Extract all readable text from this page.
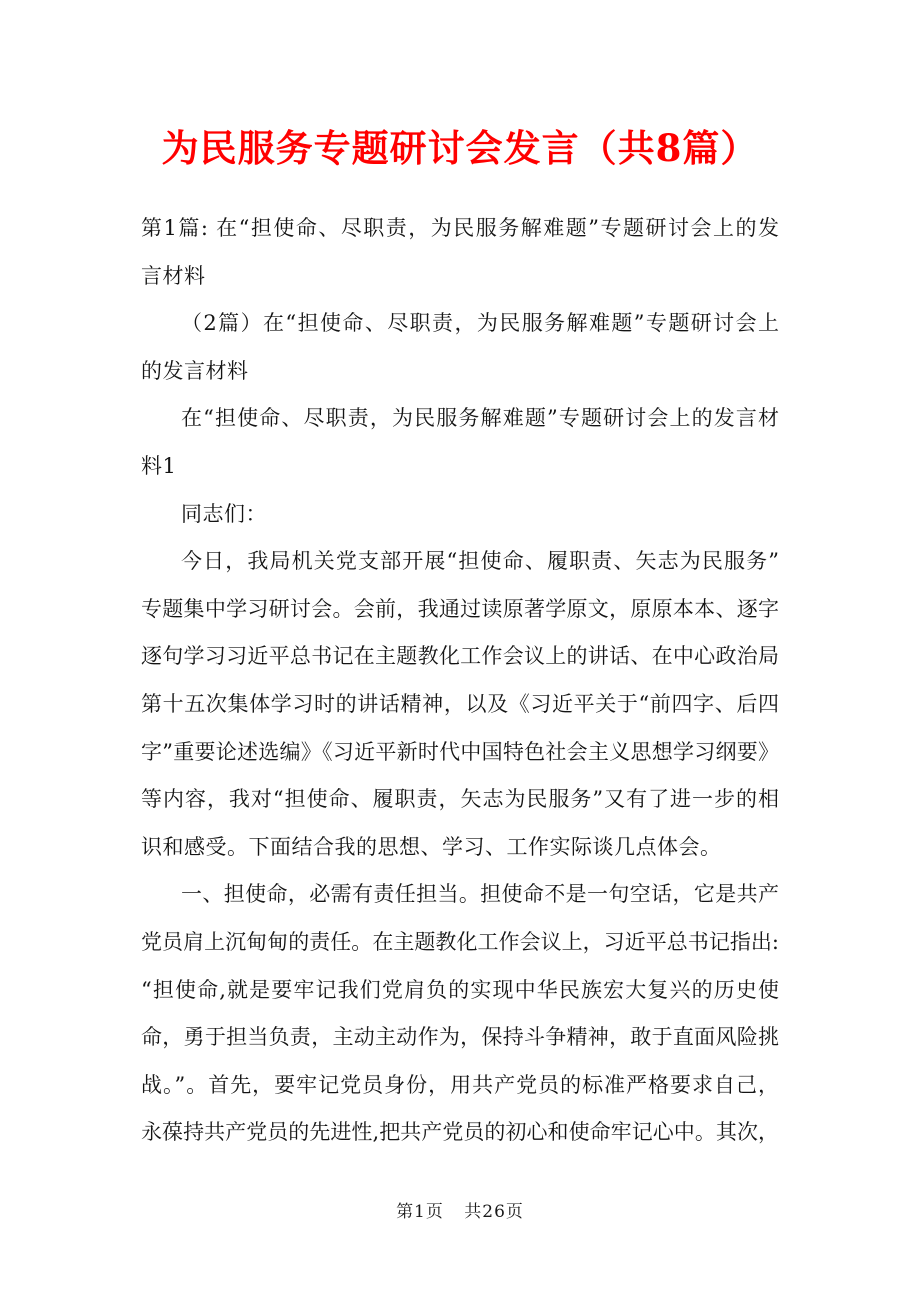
为民服务专题研讨会发言（共8篇）
第1篇: 在“担使命、尽职责，为民服务解难题”专题研讨会上的发
言材料
（2篇）在“担使命、尽职责，为民服务解难题”专题研讨会上
的发言材料
在“担使命、尽职责，为民服务解难题”专题研讨会上的发言材
料1
同志们：
今日，我局机关党支部开展“担使命、履职责、矢志为民服务”
专题集中学习研讨会。会前，我通过读原著学原文，原原本本、逐字
逐句学习习近平总书记在主题教化工作会议上的讲话、在中心政治局
第十五次集体学习时的讲话精神，以及《习近平关于“前四字、后四
字”重要论述选编》《习近平新时代中国特色社会主义思想学习纲要》
等内容，我对“担使命、履职责，矢志为民服务”又有了进一步的相
识和感受。下面结合我的思想、学习、工作实际谈几点体会。
一、担使命，必需有责任担当。担使命不是一句空话，它是共产
党员肩上沉甸甸的责任。在主题教化工作会议上，习近平总书记指出:
“担使命,就是要牢记我们党肩负的实现中华民族宏大复兴的历史使
命，勇于担当负责，主动主动作为，保持斗争精神，敢于直面风险挑
战。”。首先，要牢记党员身份，用共产党员的标准严格要求自己，
永葆持共产党员的先进性,把共产党员的初心和使命牢记心中。其次，
第1页 共26页
